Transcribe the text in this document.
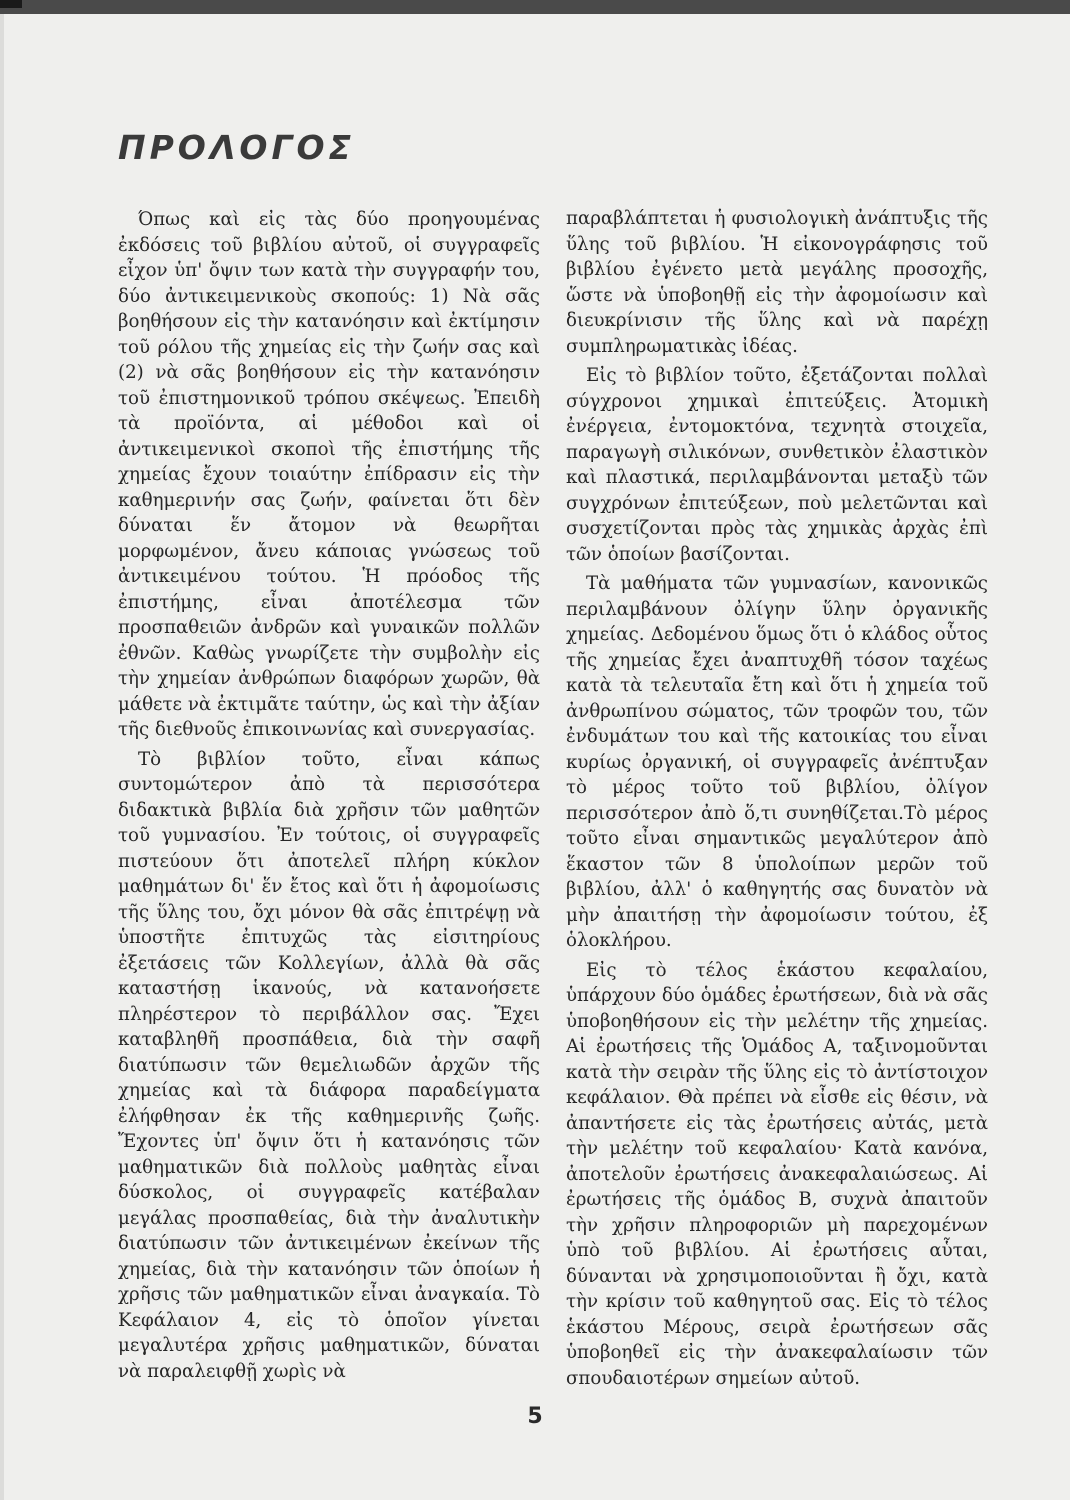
ΠΡΟΛΟΓΟΣ

Όπως καὶ εἰς τὰς δύο προηγουμένας ἐκδόσεις τοῦ βιβλίου αὐτοῦ, οἱ συγγραφεῖς εἶχον ὑπ' ὄψιν των κατὰ τὴν συγγραφήν του, δύο ἀντικειμενικοὺς σκοπούς: 1) Νὰ σᾶς βοηθήσουν εἰς τὴν κατανόησιν καὶ ἐκτίμησιν τοῦ ρόλου τῆς χημείας εἰς τὴν ζωήν σας καὶ (2) νὰ σᾶς βοηθήσουν εἰς τὴν κατανόησιν τοῦ ἐπιστημονικοῦ τρόπου σκέψεως. Ἐπειδὴ τὰ προϊόντα, αἱ μέθοδοι καὶ οἱ ἀντικειμενικοὶ σκοποὶ τῆς ἐπιστήμης τῆς χημείας ἔχουν τοιαύτην ἐπίδρασιν εἰς τὴν καθημερινήν σας ζωήν, φαίνεται ὅτι δὲν δύναται ἕν ἄτομον νὰ θεωρῆται μορφωμένον, ἄνευ κάποιας γνώσεως τοῦ ἀντικειμένου τούτου. Ἡ πρόοδος τῆς ἐπιστήμης, εἶναι ἀποτέλεσμα τῶν προσπαθειῶν ἀνδρῶν καὶ γυναικῶν πολλῶν ἐθνῶν. Καθὼς γνωρίζετε τὴν συμβολὴν εἰς τὴν χημείαν ἀνθρώπων διαφόρων χωρῶν, θὰ μάθετε νὰ ἐκτιμᾶτε ταύτην, ὡς καὶ τὴν ἀξίαν τῆς διεθνοῦς ἐπικοινωνίας καὶ συνεργασίας.

Τὸ βιβλίον τοῦτο, εἶναι κάπως συντομώτερον ἀπὸ τὰ περισσότερα διδακτικὰ βιβλία διὰ χρῆσιν τῶν μαθητῶν τοῦ γυμνασίου. Ἐν τούτοις, οἱ συγγραφεῖς πιστεύουν ὅτι ἀποτελεῖ πλήρη κύκλον μαθημάτων δι' ἕν ἔτος καὶ ὅτι ἡ ἀφομοίωσις τῆς ὕλης του, ὄχι μόνον θὰ σᾶς ἐπιτρέψῃ νὰ ὑποστῆτε ἐπιτυχῶς τὰς εἰσιτηρίους ἐξετάσεις τῶν Κολλεγίων, ἀλλὰ θὰ σᾶς καταστήσῃ ἱκανούς, νὰ κατανοήσετε πληρέστερον τὸ περιβάλλον σας. Ἔχει καταβληθῆ προσπάθεια, διὰ τὴν σαφῆ διατύπωσιν τῶν θεμελιωδῶν ἀρχῶν τῆς χημείας καὶ τὰ διάφορα παραδείγματα ἐλήφθησαν ἐκ τῆς καθημερινῆς ζωῆς. Ἔχοντες ὑπ' ὄψιν ὅτι ἡ κατανόησις τῶν μαθηματικῶν διὰ πολλοὺς μαθητὰς εἶναι δύσκολος, οἱ συγγραφεῖς κατέβαλαν μεγάλας προσπαθείας, διὰ τὴν ἀναλυτικὴν διατύπωσιν τῶν ἀντικειμένων ἐκείνων τῆς χημείας, διὰ τὴν κατανόησιν τῶν ὁποίων ἡ χρῆσις τῶν μαθηματικῶν εἶναι ἀναγκαία. Τὸ Κεφάλαιον 4, εἰς τὸ ὁποῖον γίνεται μεγαλυτέρα χρῆσις μαθηματικῶν, δύναται νὰ παραλειφθῇ χωρὶς νὰ

παραβλάπτεται ἡ φυσιολογικὴ ἀνάπτυξις τῆς ὕλης τοῦ βιβλίου. Ἡ εἰκονογράφησις τοῦ βιβλίου ἐγένετο μετὰ μεγάλης προσοχῆς, ὥστε νὰ ὑποβοηθῇ εἰς τὴν ἀφομοίωσιν καὶ διευκρίνισιν τῆς ὕλης καὶ νὰ παρέχῃ συμπληρωματικὰς ἰδέας.

Εἰς τὸ βιβλίον τοῦτο, ἐξετάζονται πολλαὶ σύγχρονοι χημικαὶ ἐπιτεύξεις. Ἀτομικὴ ἐνέργεια, ἐντομοκτόνα, τεχνητὰ στοιχεῖα, παραγωγὴ σιλικόνων, συνθετικὸν ἐλαστικὸν καὶ πλαστικά, περιλαμβάνονται μεταξὺ τῶν συγχρόνων ἐπιτεύξεων, ποὺ μελετῶνται καὶ συσχετίζονται πρὸς τὰς χημικὰς ἀρχὰς ἐπὶ τῶν ὁποίων βασίζονται.

Τὰ μαθήματα τῶν γυμνασίων, κανονικῶς περιλαμβάνουν ὀλίγην ὕλην ὀργανικῆς χημείας. Δεδομένου ὅμως ὅτι ὁ κλάδος οὗτος τῆς χημείας ἔχει ἀναπτυχθῆ τόσον ταχέως κατὰ τὰ τελευταῖα ἔτη καὶ ὅτι ἡ χημεία τοῦ ἀνθρωπίνου σώματος, τῶν τροφῶν του, τῶν ἐνδυμάτων του καὶ τῆς κατοικίας του εἶναι κυρίως ὀργανική, οἱ συγγραφεῖς ἀνέπτυξαν τὸ μέρος τοῦτο τοῦ βιβλίου, ὀλίγον περισσότερον ἀπὸ ὅ,τι συνηθίζεται.Τὸ μέρος τοῦτο εἶναι σημαντικῶς μεγαλύτερον ἀπὸ ἕκαστον τῶν 8 ὑπολοίπων μερῶν τοῦ βιβλίου, ἀλλ' ὁ καθηγητής σας δυνατὸν νὰ μὴν ἀπαιτήσῃ τὴν ἀφομοίωσιν τούτου, ἐξ ὁλοκλήρου.

Εἰς τὸ τέλος ἑκάστου κεφαλαίου, ὑπάρχουν δύο ὁμάδες ἐρωτήσεων, διὰ νὰ σᾶς ὑποβοηθήσουν εἰς τὴν μελέτην τῆς χημείας. Αἱ ἐρωτήσεις τῆς Ὁμάδος Α, ταξινομοῦνται κατὰ τὴν σειρὰν τῆς ὕλης εἰς τὸ ἀντίστοιχον κεφάλαιον. Θὰ πρέπει νὰ εἶσθε εἰς θέσιν, νὰ ἀπαντήσετε εἰς τὰς ἐρωτήσεις αὐτάς, μετὰ τὴν μελέτην τοῦ κεφαλαίου· Κατὰ κανόνα, ἀποτελοῦν ἐρωτήσεις ἀνακεφαλαιώσεως. Αἱ ἐρωτήσεις τῆς ὁμάδος Β, συχνὰ ἀπαιτοῦν τὴν χρῆσιν πληροφοριῶν μὴ παρεχομένων ὑπὸ τοῦ βιβλίου. Αἱ ἐρωτήσεις αὗται, δύνανται νὰ χρησιμοποιοῦνται ἢ ὄχι, κατὰ τὴν κρίσιν τοῦ καθηγητοῦ σας. Εἰς τὸ τέλος ἑκάστου Μέρους, σειρὰ ἐρωτήσεων σᾶς ὑποβοηθεῖ εἰς τὴν ἀνακεφαλαίωσιν τῶν σπουδαιοτέρων σημείων αὐτοῦ.

5
